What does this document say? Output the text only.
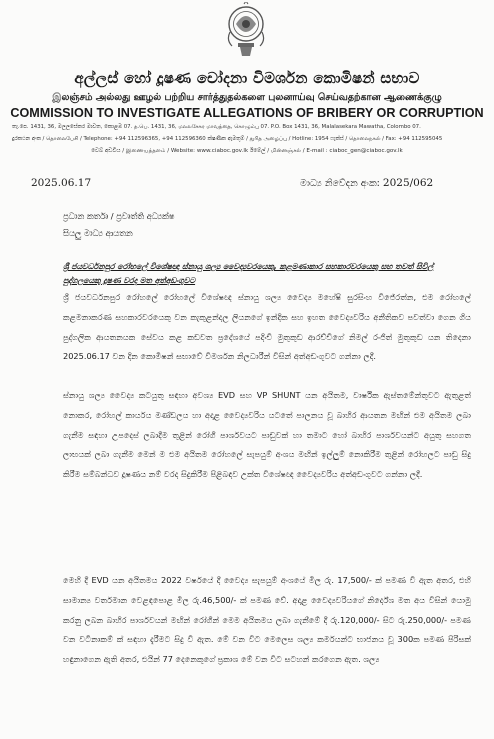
අල්ලස් හෝ දූෂණ චෝදනා විමර්ශන කොමිෂන් සභාව
இலஞ்சம் அல்லது ஊழல் பற்றிய சார்த்துதல்களை புலனாய்வு செய்வதற்கான ஆணைக்குழு
COMMISSION TO INVESTIGATE ALLEGATIONS OF BRIBERY OR CORRUPTION
තැ.පෙ. 1431, 36, මලලසේකර මාවත, කොළඹ 07. த.பெ. 1431, 36, மலலசேகர மாவத்தை, கொழும்பு 07. P.O. Box 1431, 36, Malalasekara Mawatha, Colombo 07.
දුරකථන අංක / தொலைபேசி / Telephone: +94 112596365, +94 112596360 ක්ෂණික ඇමතුම් / துரித அழைப்பு / Hotline: 1954 ෆැක්ස් / தொலைநகல் / Fax: +94 112595045
වෙබ් අඩවිය / இணையத்தளம் / Website: www.ciaboc.gov.lk ඊමේල් / மின்னஞ்சல் / E-mail : ciaboc_gen@ciaboc.gov.lk
2025.06.17	මාධ්‍ය නිවේදන අංක: 2025/062
ප්‍රධාන කර්තෘ / ප්‍රවෘත්ති අධ්‍යක්ෂ
සියලු මාධ්‍ය ආයතන
ශ්‍රී ජයවර්ධනපුර රෝහලේ විශේෂඥ ස්නායු ශල්‍ය වෛද්‍යවරයෙකු, කළමණාකාර සහකාරවරයෙකු සහ තවත් සිවිල් පුද්ගලයෙකු දූෂණ වරද මත අත්අඩංගුවට
ශ්‍රී ජයවර්ධනපුර රෝහලේ රෝහලේ විශේෂඥ ස්නායු ශල්‍ය වෛද්‍ය මහේෂි සුරසිංහ විජේරත්න, එම රෝහලේ කළමනාකරණ සහකාරවරයෙකු වන කැකුළන්දල ලියනගේ ඉන්දික සහ ඉහත වෛද්‍යවරිය අනීතිකව පවත්වා ගෙන ගිය පුද්ගලික ආයතනයක සේවය කළ කඩවත ප්‍රදේශයේ පදිංචි මුතුකුඩ ආරච්චිගේ නිමල් රංජිත් මුතුකුඩ යන තිදෙනා 2025.06.17 වන දින කොමිෂන් සභාවේ විමර්ශන නිලධාරීන් විසින් අත්අඩංගුවට ගන්නා ලදී.
ස්නායු ශල්‍ය වෛද්‍ය කටයුතු සඳහා අවශ්‍ය EVD සහ VP SHUNT යන අයිතම, වාර්ෂික ඇස්තමේන්තුවට ඇතුළත් නොකර, රෝහල් කාර්යය මණ්ඩලය හා අදාළ වෛද්‍යවරිය යටතේ පාලනය වූ බාහිර ආයතන මඟින් එම අයිතම ලබා ගැනීම සඳහා උපදෙස් ලබාදීම තුළින් රෝගී පාර්ශවයට පාඩුවක් හා තමාට හෝ බාහිර පාර්ශවයන්ට අයුතු සහගත ලාභයක් ලබා ගැනීම මෙන් ම එම අයිතම රෝහලේ සැපයුම් අංශය මඟින් ඉල්ලුම් නොකිරීම තුළින් රෝහලට පාඩු සිදු කිරීම සම්බන්ධව දූෂණය නම් වරද සිදුකිරීම පිළිබඳව උක්ත විශේෂඥ වෛද්‍යවරිය අත්අඩංගුවට ගන්නා ලදී.
මෙහි දී EVD යන අයිතමය 2022 වර්ෂයේ දී වෛද්‍ය සැපයුම් අංශයේ මිල රු. 17,500/- ක් පමණ වී ඇත අතර, එහි සාමාන්‍ය වර්තමාන වෙළඳපොළ මිල රු.46,500/- ක් පමණ වේ. අදාළ වෛද්‍යවරියගේ නිර්දේශ මත අය විසින් යොමු කරනු ලබන බාහිර පාර්ශවයන් මඟින් රෝගීන් මෙම අයිතමය ලබා ගැනීමේ දී රු.120,000/- සිට රු.250,000/- පමණ වන වටිනාකම් ක් සඳහා දැරීමට සිදු වී ඇත. මේ වන විට මෙලෙස ශල්‍ය කර්මයන්ට භාජනය වූ 300ක පමණ පිරිසක් හඳුනාගෙන ඇති අතර, එයින් 77 දෙනෙකුගේ ප්‍රකාශ මේ වන විට සටහන් කරගෙන ඇත. ශල්‍ය
